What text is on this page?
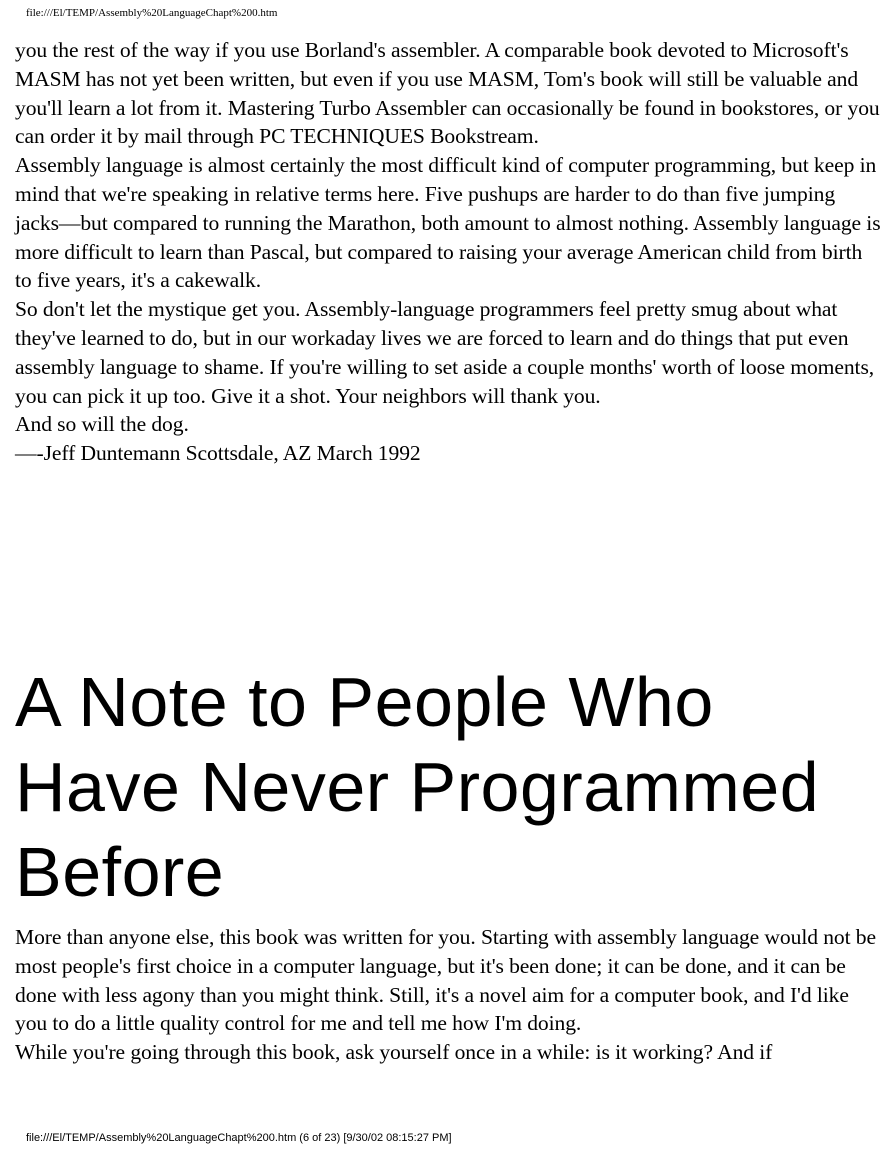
file:///El/TEMP/Assembly%20LanguageChapt%200.htm

you the rest of the way if you use Borland's assembler. A comparable book devoted to Microsoft's MASM has not yet been written, but even if you use MASM, Tom's book will still be valuable and you'll learn a lot from it. Mastering Turbo Assembler can occasionally be found in bookstores, or you can order it by mail through PC TECHNIQUES Bookstream.

Assembly language is almost certainly the most difficult kind of computer programming, but keep in mind that we're speaking in relative terms here. Five pushups are harder to do than five jumping jacks—but compared to running the Marathon, both amount to almost nothing. Assembly language is more difficult to learn than Pascal, but compared to raising your average American child from birth to five years, it's a cakewalk.

So don't let the mystique get you. Assembly-language programmers feel pretty smug about what they've learned to do, but in our workaday lives we are forced to learn and do things that put even assembly language to shame. If you're willing to set aside a couple months' worth of loose moments, you can pick it up too. Give it a shot. Your neighbors will thank you.

And so will the dog.

—-Jeff Duntemann Scottsdale, AZ March 1992

A Note to People Who Have Never Programmed Before

More than anyone else, this book was written for you. Starting with assembly language would not be most people's first choice in a computer language, but it's been done; it can be done, and it can be done with less agony than you might think. Still, it's a novel aim for a computer book, and I'd like you to do a little quality control for me and tell me how I'm doing.

While you're going through this book, ask yourself once in a while: is it working? And if

file:///El/TEMP/Assembly%20LanguageChapt%200.htm (6 of 23) [9/30/02 08:15:27 PM]
